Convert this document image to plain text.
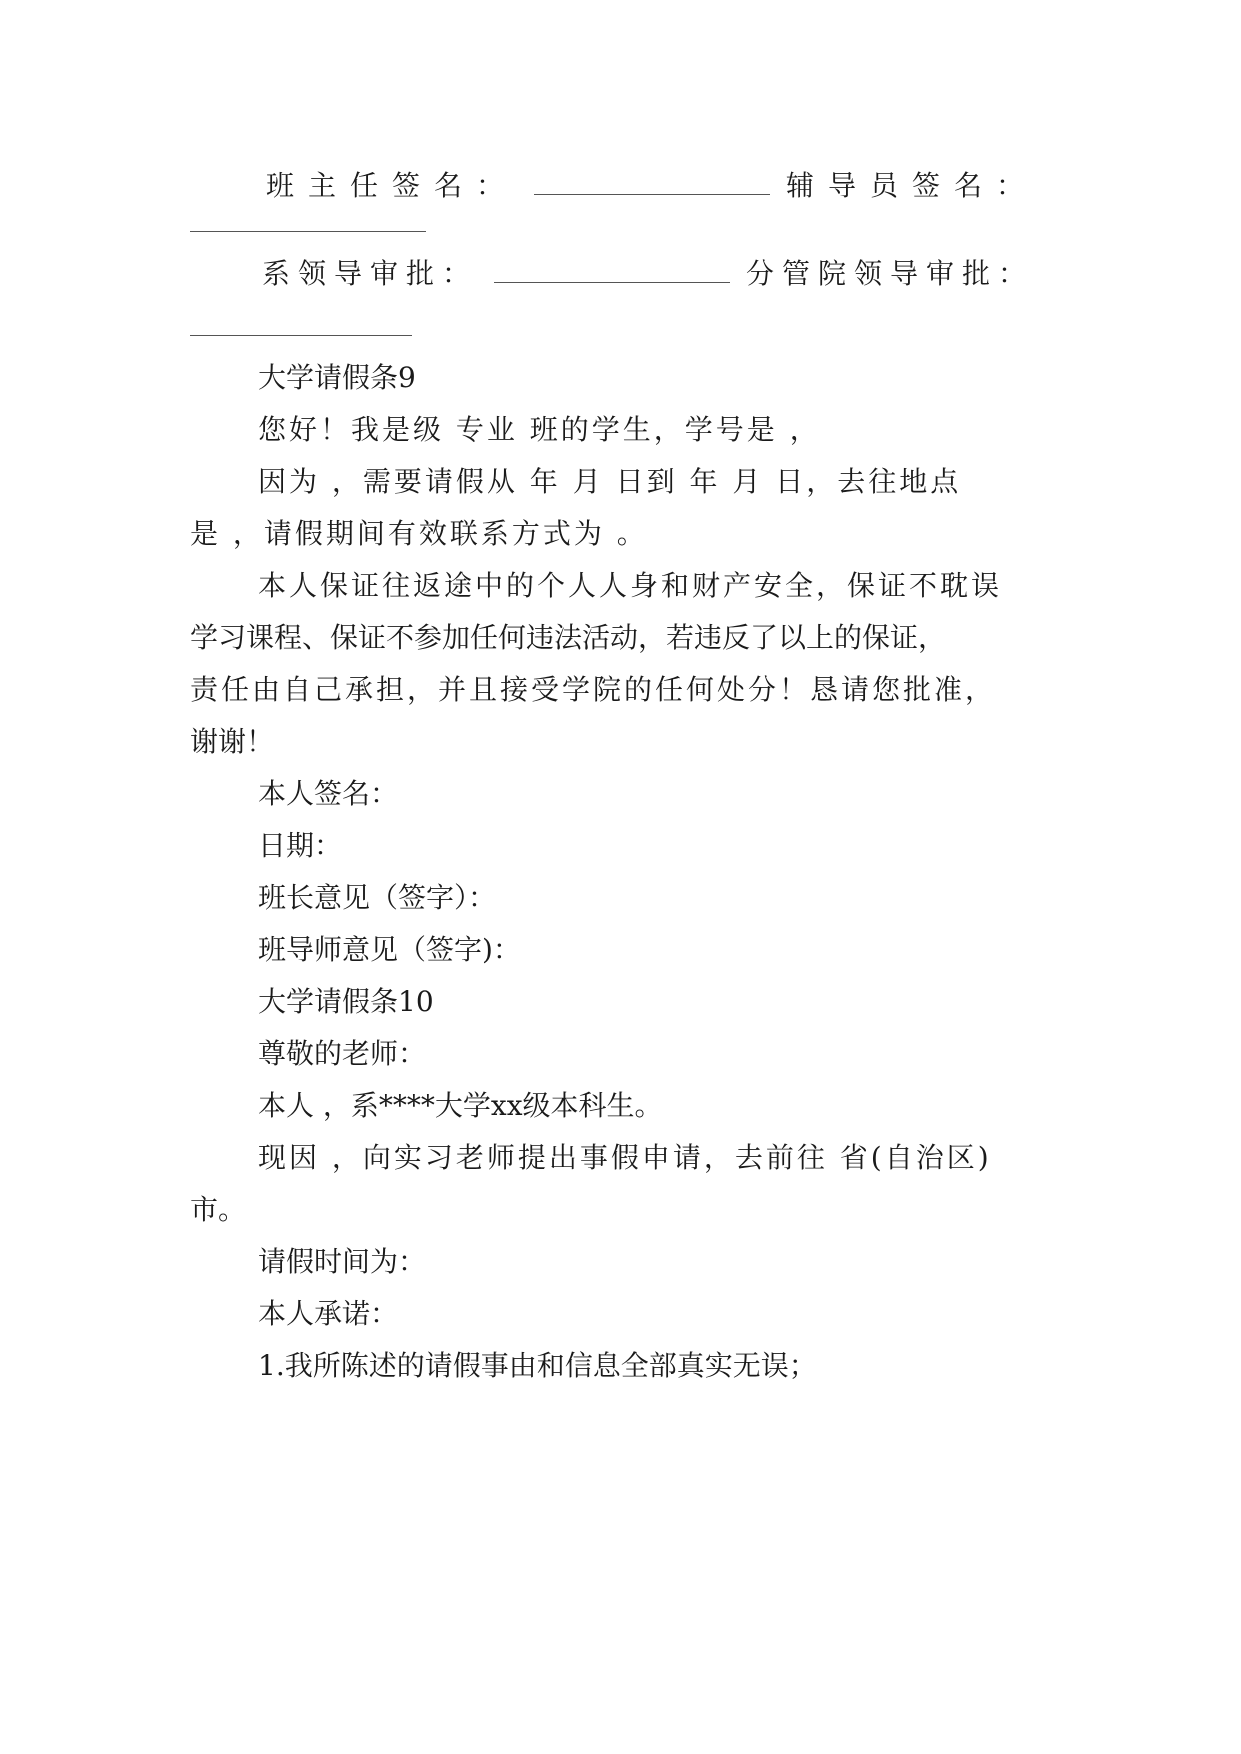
班主任签名：	辅导员签名：
系领导审批：	分管院领导审批：
大学请假条9
您好！我是级 专业 班的学生，学号是 ，
因为 ，需要请假从 年 月 日到 年 月 日，去往地点
是 ，请假期间有效联系方式为 。
本人保证往返途中的个人人身和财产安全，保证不耽误
学习课程、保证不参加任何违法活动，若违反了以上的保证，
责任由自己承担，并且接受学院的任何处分！恳请您批准，
谢谢！
本人签名：
日期：
班长意见（签字）：
班导师意见（签字)：
大学请假条10
尊敬的老师：
本人 ，系****大学xx级本科生。
现因 ，向实习老师提出事假申请，去前往 省(自治区)
市。
请假时间为：
本人承诺：
1.我所陈述的请假事由和信息全部真实无误；
